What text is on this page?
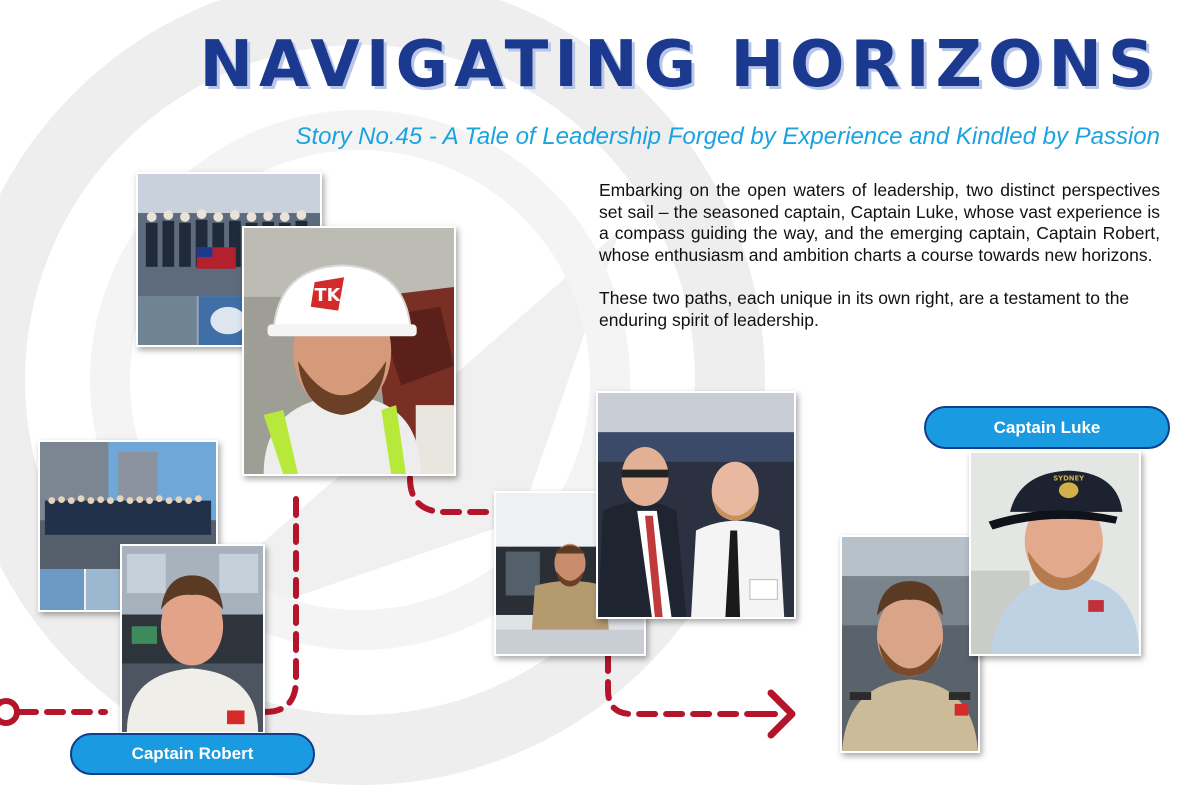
NAVIGATING HORIZONS
Story No.45 - A Tale of Leadership Forged by Experience and Kindled by Passion

Embarking on the open waters of leadership, two distinct perspectives set sail – the seasoned captain, Captain Luke, whose vast experience is a compass guiding the way, and the emerging captain, Captain Robert, whose enthusiasm and ambition charts a course towards new horizons.

These two paths, each unique in its own right, are a testament to the enduring spirit of leadership.

TK
SYDNEY
Captain Robert
Captain Luke
